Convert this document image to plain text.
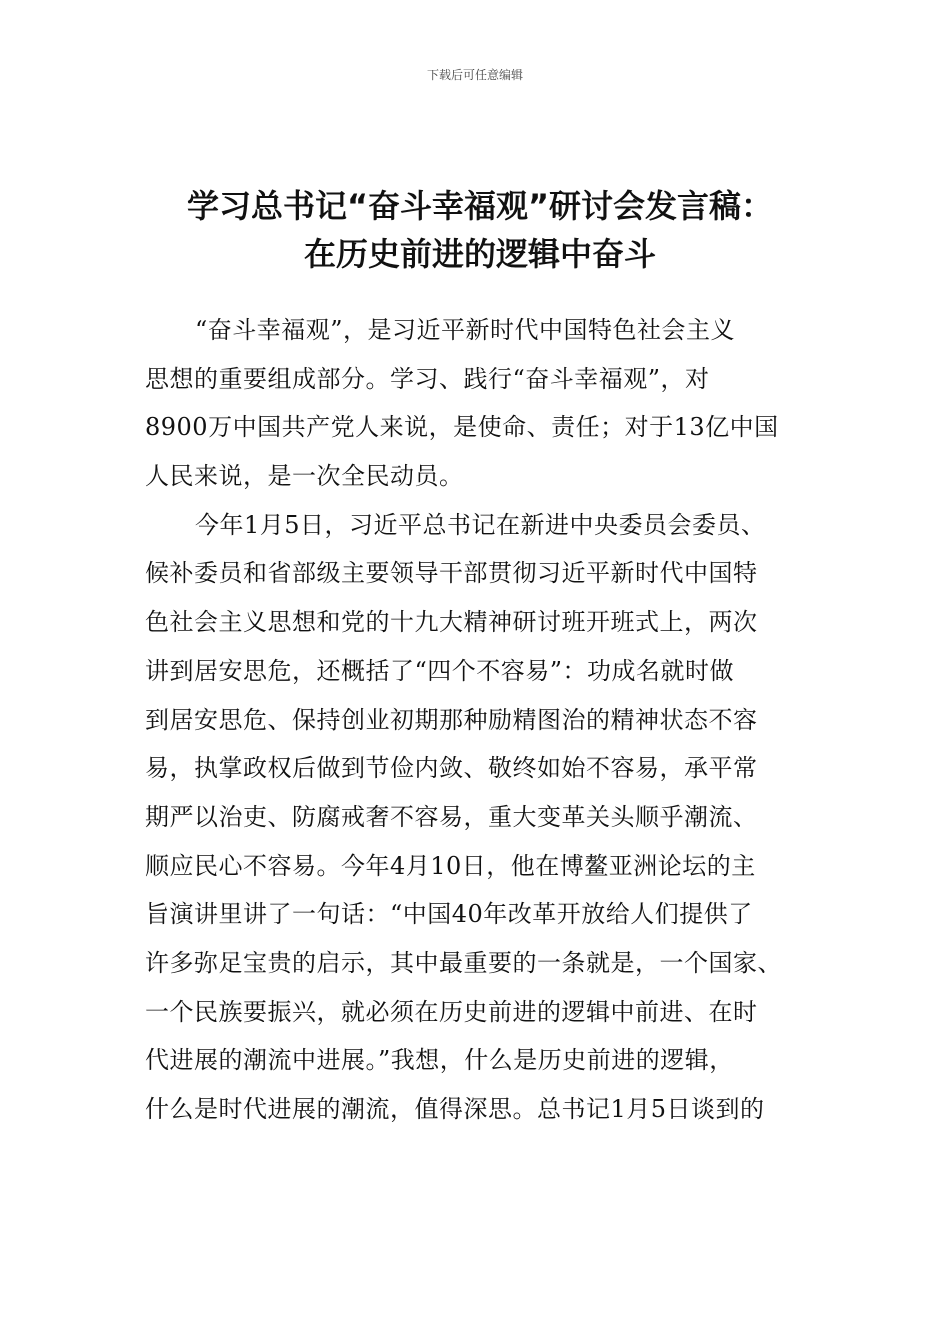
下载后可任意编辑
学习总书记“奋斗幸福观”研讨会发言稿：
在历史前进的逻辑中奋斗
“奋斗幸福观”，是习近平新时代中国特色社会主义
思想的重要组成部分。学习、践行“奋斗幸福观”，对
8900万中国共产党人来说，是使命、责任；对于13亿中国
人民来说，是一次全民动员。
今年1月5日，习近平总书记在新进中央委员会委员、
候补委员和省部级主要领导干部贯彻习近平新时代中国特
色社会主义思想和党的十九大精神研讨班开班式上，两次
讲到居安思危，还概括了“四个不容易”：功成名就时做
到居安思危、保持创业初期那种励精图治的精神状态不容
易，执掌政权后做到节俭内敛、敬终如始不容易，承平常
期严以治吏、防腐戒奢不容易，重大变革关头顺乎潮流、
顺应民心不容易。今年4月10日，他在博鳌亚洲论坛的主
旨演讲里讲了一句话：“中国40年改革开放给人们提供了
许多弥足宝贵的启示，其中最重要的一条就是，一个国家、
一个民族要振兴，就必须在历史前进的逻辑中前进、在时
代进展的潮流中进展。”我想，什么是历史前进的逻辑，
什么是时代进展的潮流，值得深思。总书记1月5日谈到的
